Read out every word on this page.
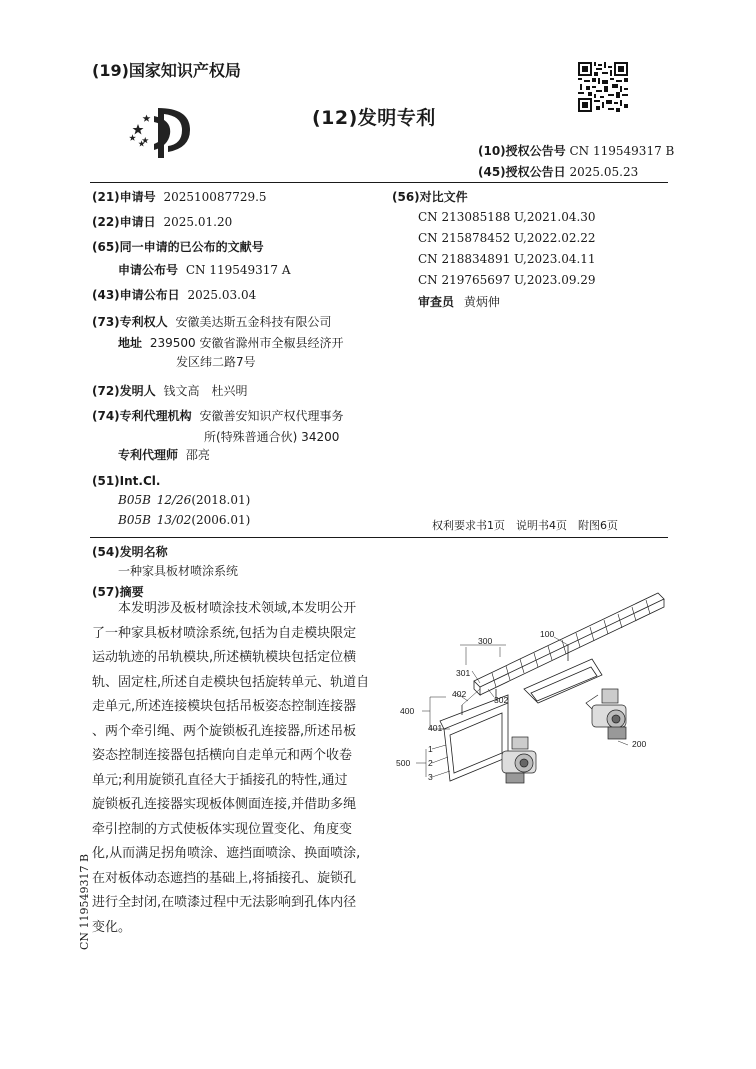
(19)国家知识产权局
(12)发明专利
(10)授权公告号 CN 119549317 B
(45)授权公告日 2025.05.23
(21)申请号 202510087729.5
(22)申请日 2025.01.20
(65)同一申请的已公布的文献号
申请公布号 CN 119549317 A
(43)申请公布日 2025.03.04
(73)专利权人 安徽美达斯五金科技有限公司
地址 239500 安徽省滁州市全椒县经济开
发区纬二路7号
(72)发明人 钱文高　杜兴明
(74)专利代理机构 安徽善安知识产权代理事务
所(特殊普通合伙) 34200
专利代理师 邵亮
(51)Int.Cl.
B05B 12/26(2018.01)
B05B 13/02(2006.01)
(56)对比文件
CN 213085188 U,2021.04.30
CN 215878452 U,2022.02.22
CN 218834891 U,2023.04.11
CN 219765697 U,2023.09.29
审查员 黄炳伸
权利要求书1页　说明书4页　附图6页
(54)发明名称
一种家具板材喷涂系统
(57)摘要
本发明涉及板材喷涂技术领域,本发明公开
了一种家具板材喷涂系统,包括为自走模块限定
运动轨迹的吊轨模块,所述横轨模块包括定位横
轨、固定柱,所述自走模块包括旋转单元、轨道自
走单元,所述连接模块包括吊板姿态控制连接器
、两个牵引绳、两个旋锁板孔连接器,所述吊板
姿态控制连接器包括横向自走单元和两个收卷
单元;利用旋锁孔直径大于插接孔的特性,通过
旋锁板孔连接器实现板体侧面连接,并借助多绳
牵引控制的方式使板体实现位置变化、角度变
化,从而满足拐角喷涂、遮挡面喷涂、换面喷涂,
在对板体动态遮挡的基础上,将插接孔、旋锁孔
进行全封闭,在喷漆过程中无法影响到孔体内径
变化。
CN 119549317 B
300
100
301
302
402
400
401
500
1
2
3
200
